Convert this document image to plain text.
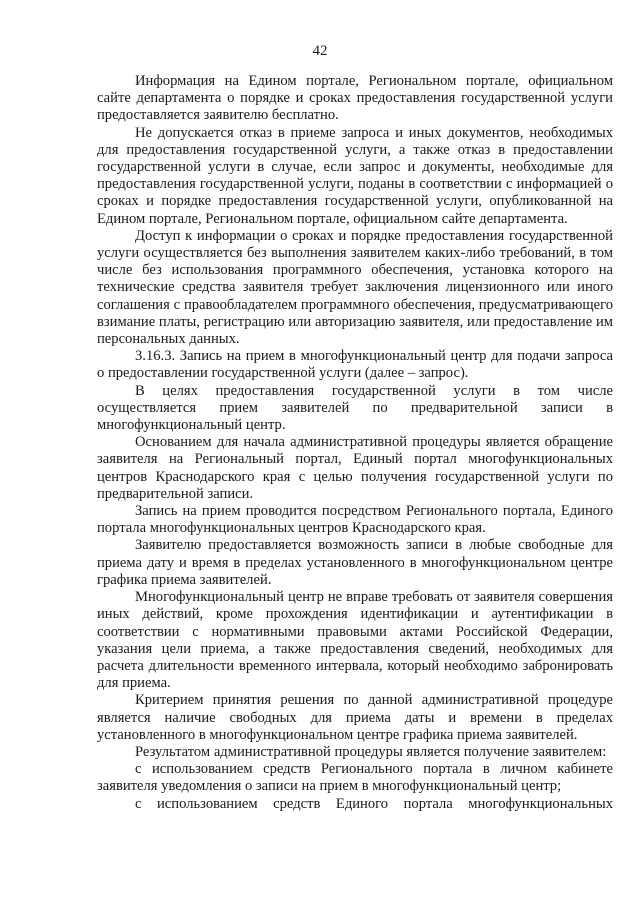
42

Информация на Едином портале, Региональном портале, официальном сайте департамента о порядке и сроках предоставления государственной услуги предоставляется заявителю бесплатно.

Не допускается отказ в приеме запроса и иных документов, необходимых для предоставления государственной услуги, а также отказ в предоставлении государственной услуги в случае, если запрос и документы, необходимые для предоставления государственной услуги, поданы в соответствии с информацией о сроках и порядке предоставления государственной услуги, опубликованной на Едином портале, Региональном портале, официальном сайте департамента.

Доступ к информации о сроках и порядке предоставления государственной услуги осуществляется без выполнения заявителем каких-либо требований, в том числе без использования программного обеспечения, установка которого на технические средства заявителя требует заключения лицензионного или иного соглашения с правообладателем программного обеспечения, предусматривающего взимание платы, регистрацию или авторизацию заявителя, или предоставление им персональных данных.

3.16.3. Запись на прием в многофункциональный центр для подачи запроса о предоставлении государственной услуги (далее – запрос).

В целях предоставления государственной услуги в том числе осуществляется прием заявителей по предварительной записи в многофункциональный центр.

Основанием для начала административной процедуры является обращение заявителя на Региональный портал, Единый портал многофункциональных центров Краснодарского края с целью получения государственной услуги по предварительной записи.

Запись на прием проводится посредством Регионального портала, Единого портала многофункциональных центров Краснодарского края.

Заявителю предоставляется возможность записи в любые свободные для приема дату и время в пределах установленного в многофункциональном центре графика приема заявителей.

Многофункциональный центр не вправе требовать от заявителя совершения иных действий, кроме прохождения идентификации и аутентификации в соответствии с нормативными правовыми актами Российской Федерации, указания цели приема, а также предоставления сведений, необходимых для расчета длительности временного интервала, который необходимо забронировать для приема.

Критерием принятия решения по данной административной процедуре является наличие свободных для приема даты и времени в пределах установленного в многофункциональном центре графика приема заявителей.

Результатом административной процедуры является получение заявителем:

с использованием средств Регионального портала в личном кабинете заявителя уведомления о записи на прием в многофункциональный центр;

с использованием средств Единого портала многофункциональных
